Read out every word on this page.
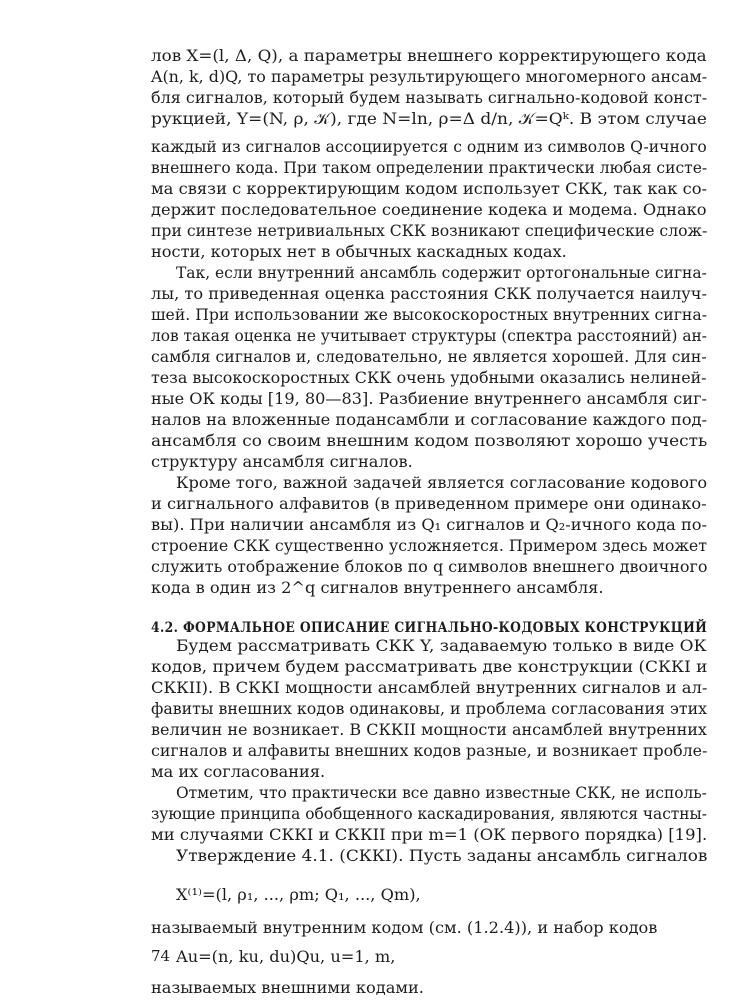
лов X=(l, Δ, Q), а параметры внешнего корректирующего кода
A(n, k, d)Q, то параметры результирующего многомерного ансам-
бля сигналов, который будем называть сигнально-кодовой конст-
рукцией, Y=(N, ρ, 𝒦), где N=ln, ρ=Δ d/n, 𝒦=Qᵏ. В этом случае
каждый из сигналов ассоциируется с одним из символов Q-ичного
внешнего кода. При таком определении практически любая систе-
ма связи с корректирующим кодом использует СКК, так как со-
держит последовательное соединение кодека и модема. Однако
при синтезе нетривиальных СКК возникают специфические слож-
ности, которых нет в обычных каскадных кодах.
Так, если внутренний ансамбль содержит ортогональные сигна-
лы, то приведенная оценка расстояния СКК получается наилуч-
шей. При использовании же высокоскоростных внутренних сигна-
лов такая оценка не учитывает структуры (спектра расстояний) ан-
самбля сигналов и, следовательно, не является хорошей. Для син-
теза высокоскоростных СКК очень удобными оказались нелиней-
ные ОК коды [19, 80—83]. Разбиение внутреннего ансамбля сиг-
налов на вложенные подансамбли и согласование каждого под-
ансамбля со своим внешним кодом позволяют хорошо учесть
структуру ансамбля сигналов.
Кроме того, важной задачей является согласование кодового
и сигнального алфавитов (в приведенном примере они одинако-
вы). При наличии ансамбля из Q₁ сигналов и Q₂-ичного кода по-
строение СКК существенно усложняется. Примером здесь может
служить отображение блоков по q символов внешнего двоичного
кода в один из 2^q сигналов внутреннего ансамбля.
Будем рассматривать СКК Y, задаваемую только в виде ОК
кодов, причем будем рассматривать две конструкции (СККI и
СККII). В СККI мощности ансамблей внутренних сигналов и ал-
фавиты внешних кодов одинаковы, и проблема согласования этих
величин не возникает. В СККII мощности ансамблей внутренних
сигналов и алфавиты внешних кодов разные, и возникает пробле-
ма их согласования.
Отметим, что практически все давно известные СКК, не исполь-
зующие принципа обобщенного каскадирования, являются частны-
ми случаями СККI и СККII при m=1 (ОК первого порядка) [19].
Утверждение 4.1. (СККI). Пусть заданы ансамбль сигналов
X⁽¹⁾=(l, ρ₁, ..., ρm; Q₁, ..., Qm),
называемый внутренним кодом (см. (1.2.4)), и набор кодов
Au=(n, ku, du)Qu, u=1, m,
называемых внешними кодами.
4.2. ФОРМАЛЬНОЕ ОПИСАНИЕ СИГНАЛЬНО-КОДОВЫХ КОНСТРУКЦИЙ
74
